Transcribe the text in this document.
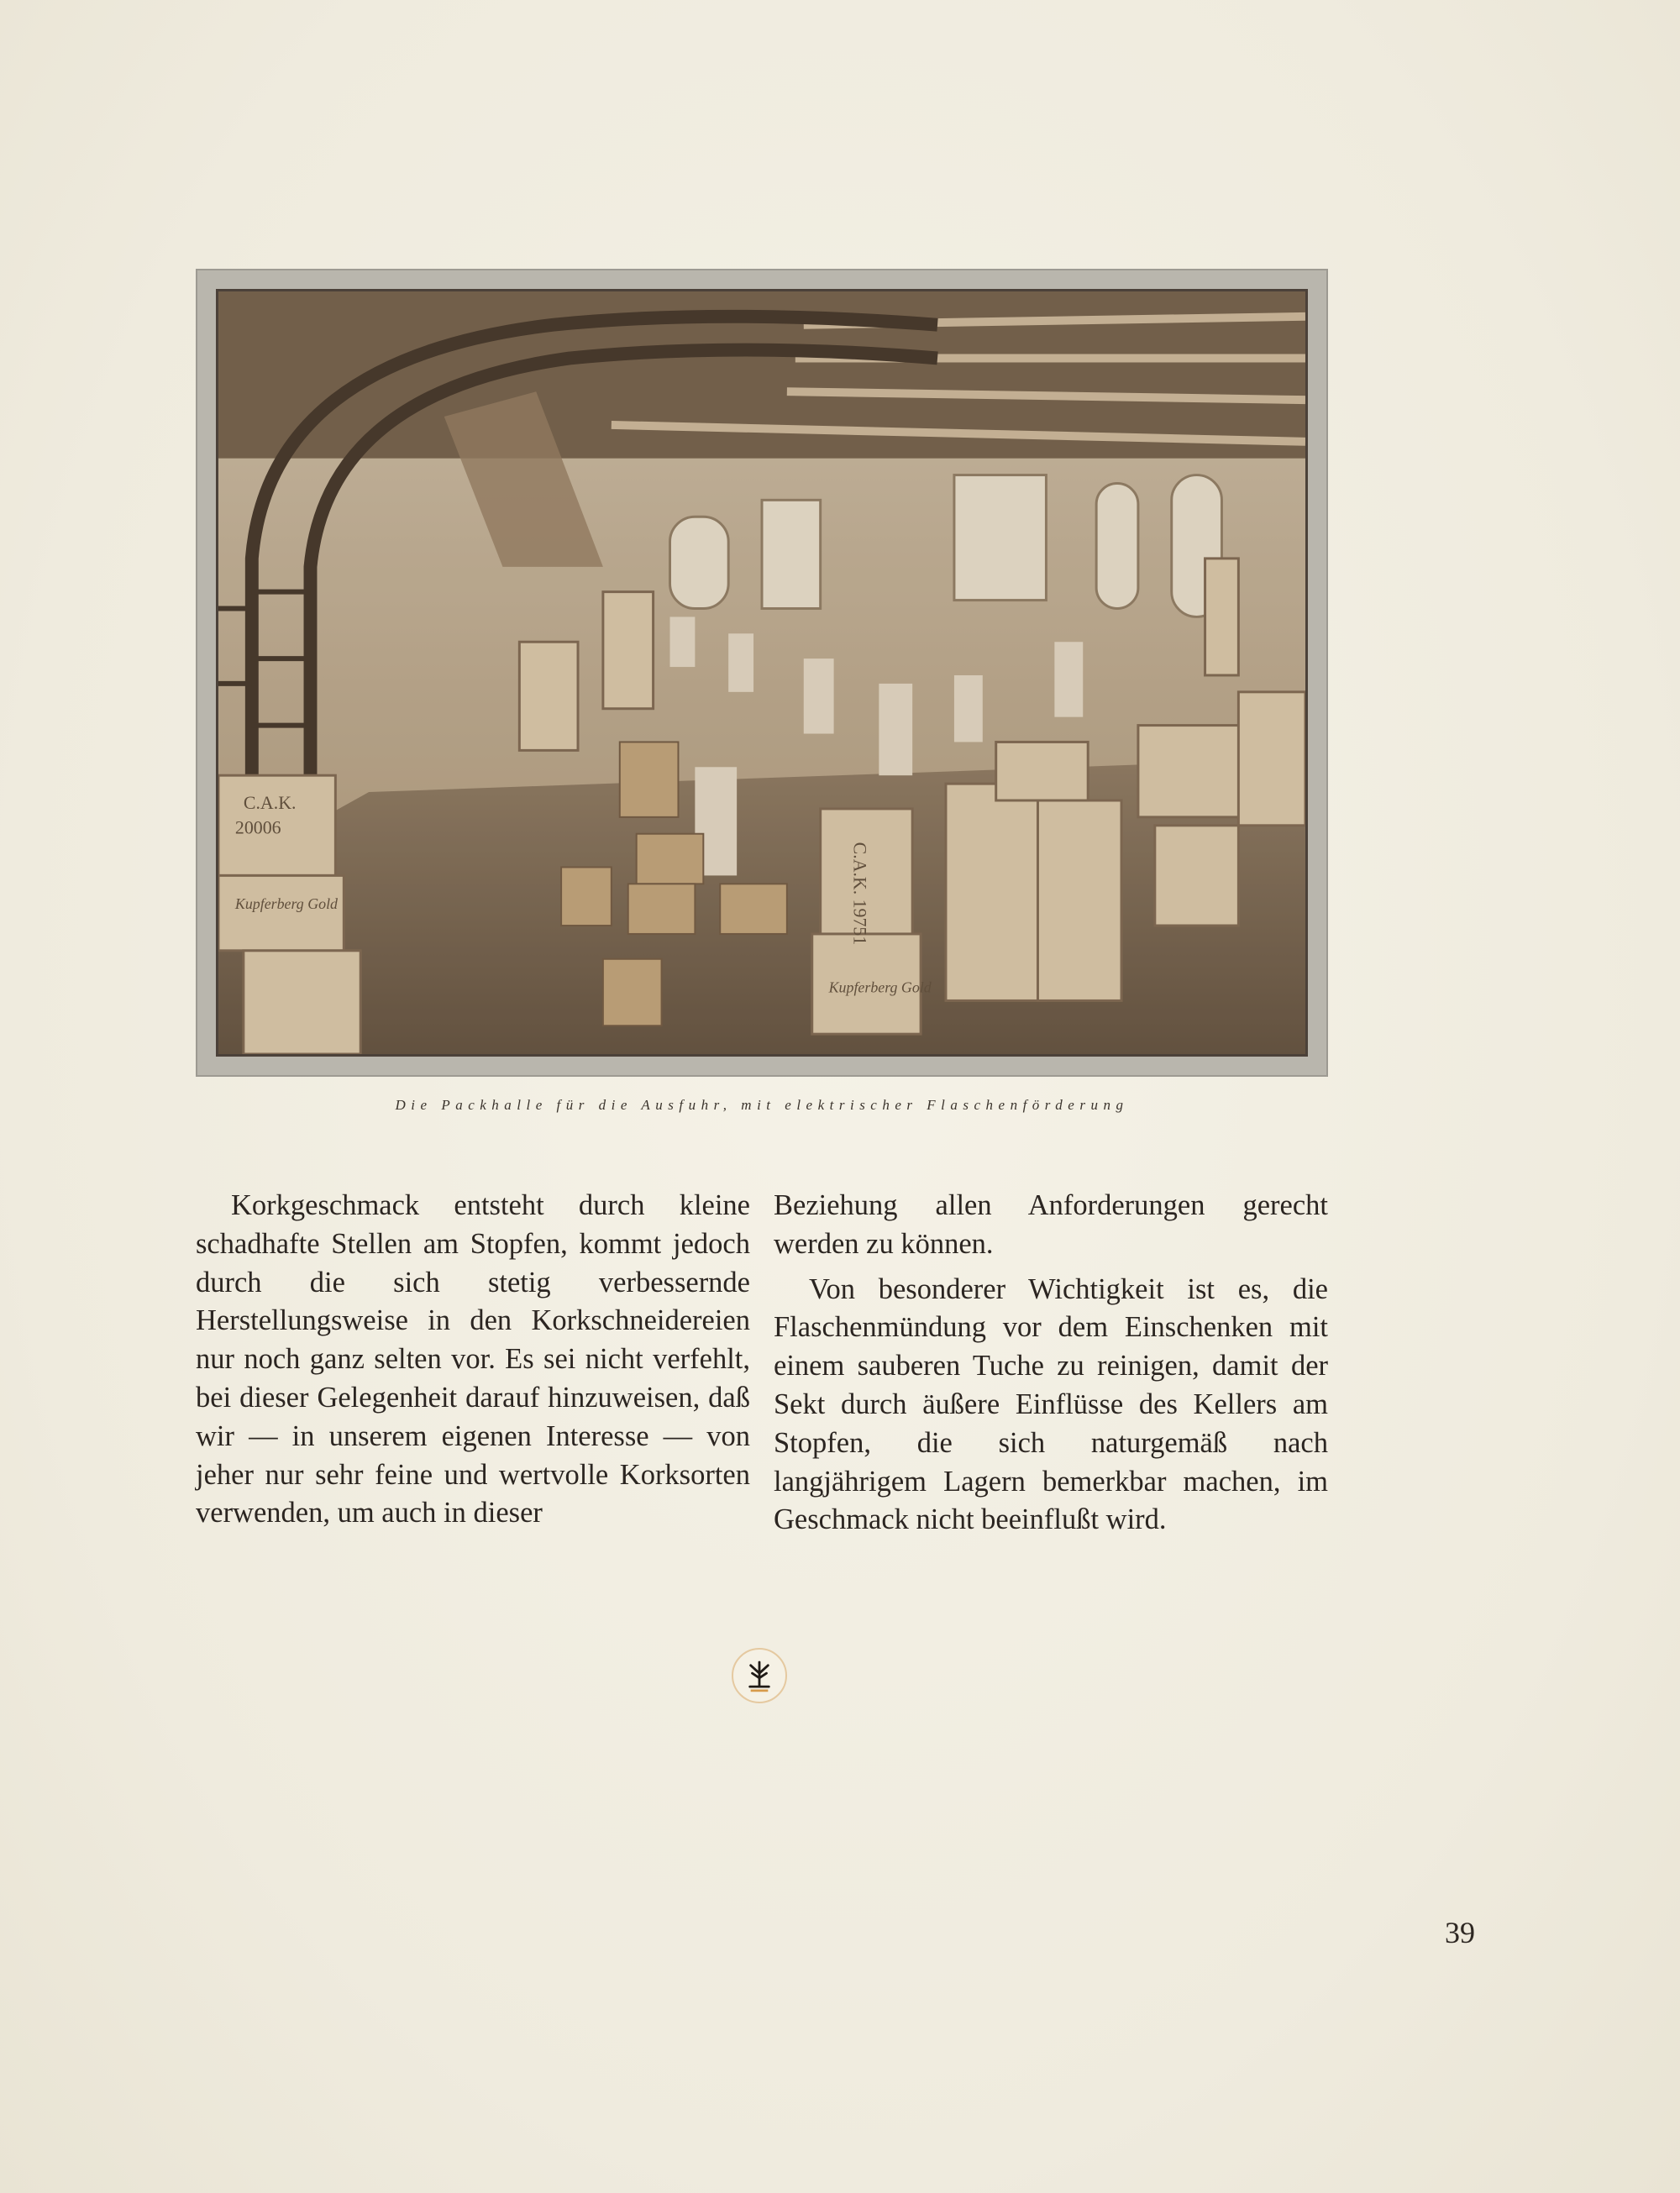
C.A.K.
20006
Kupferberg Gold	C.A.K. 19751
Kupferberg Gold
Die Packhalle für die Ausfuhr, mit elektrischer Flaschenförderung

Korkgeschmack entsteht durch kleine schadhafte Stellen am Stopfen, kommt jedoch durch die sich stetig verbessernde Herstellungsweise in den Korkschneidereien nur noch ganz selten vor. Es sei nicht verfehlt, bei dieser Gelegenheit darauf hinzuweisen, daß wir — in unserem eigenen Interesse — von jeher nur sehr feine und wertvolle Korksorten verwenden, um auch in dieser

Beziehung allen Anforderungen gerecht werden zu können.

Von besonderer Wichtigkeit ist es, die Flaschenmündung vor dem Einschenken mit einem sauberen Tuche zu reinigen, damit der Sekt durch äußere Einflüsse des Kellers am Stopfen, die sich naturgemäß nach langjährigem Lagern bemerkbar machen, im Geschmack nicht beeinflußt wird.

39
